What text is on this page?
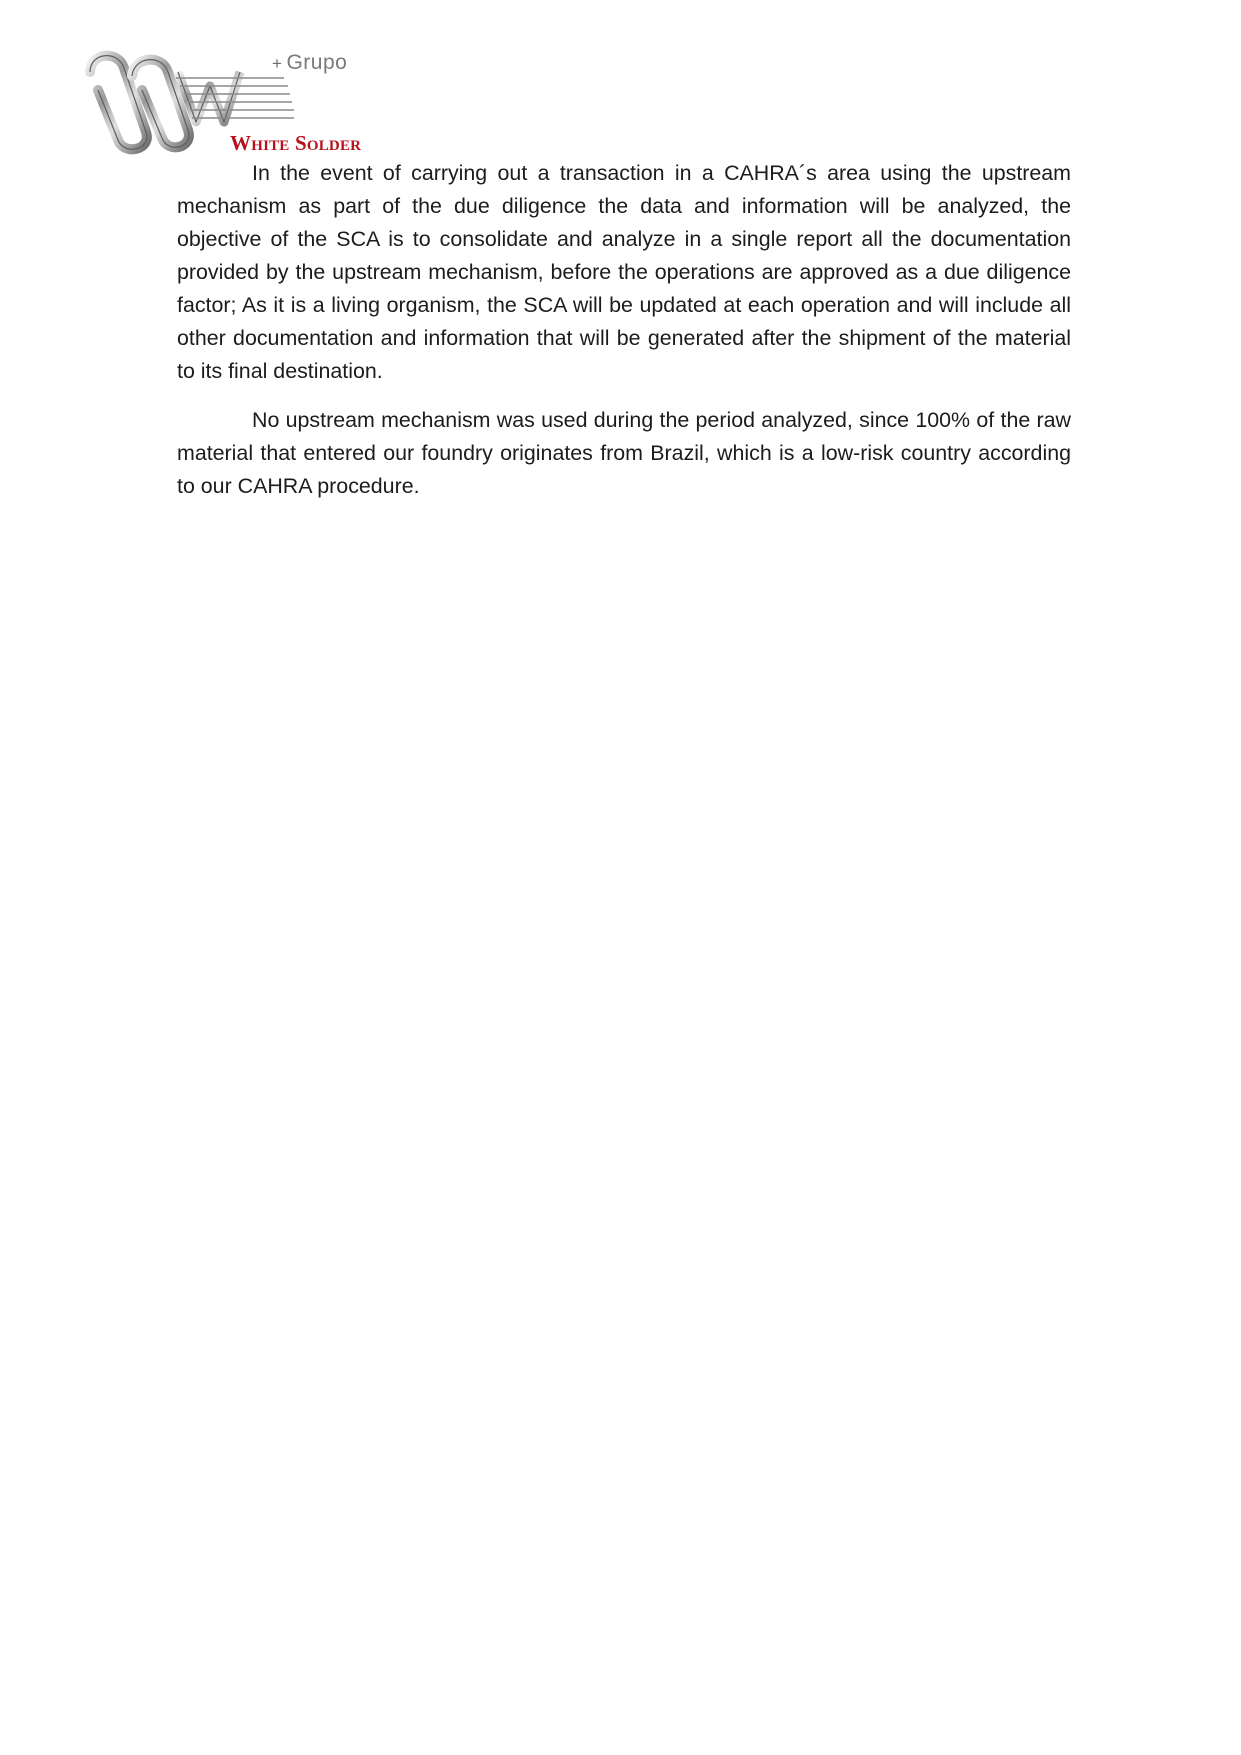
+ Grupo
White Solder

In the event of carrying out a transaction in a CAHRA´s area using the upstream mechanism as part of the due diligence the data and information will be analyzed, the objective of the SCA is to consolidate and analyze in a single report all the documentation provided by the upstream mechanism, before the operations are approved as a due diligence factor; As it is a living organism, the SCA will be updated at each operation and will include all other documentation and information that will be generated after the shipment of the material to its final destination.

No upstream mechanism was used during the period analyzed, since 100% of the raw material that entered our foundry originates from Brazil, which is a low-risk country according to our CAHRA procedure.
